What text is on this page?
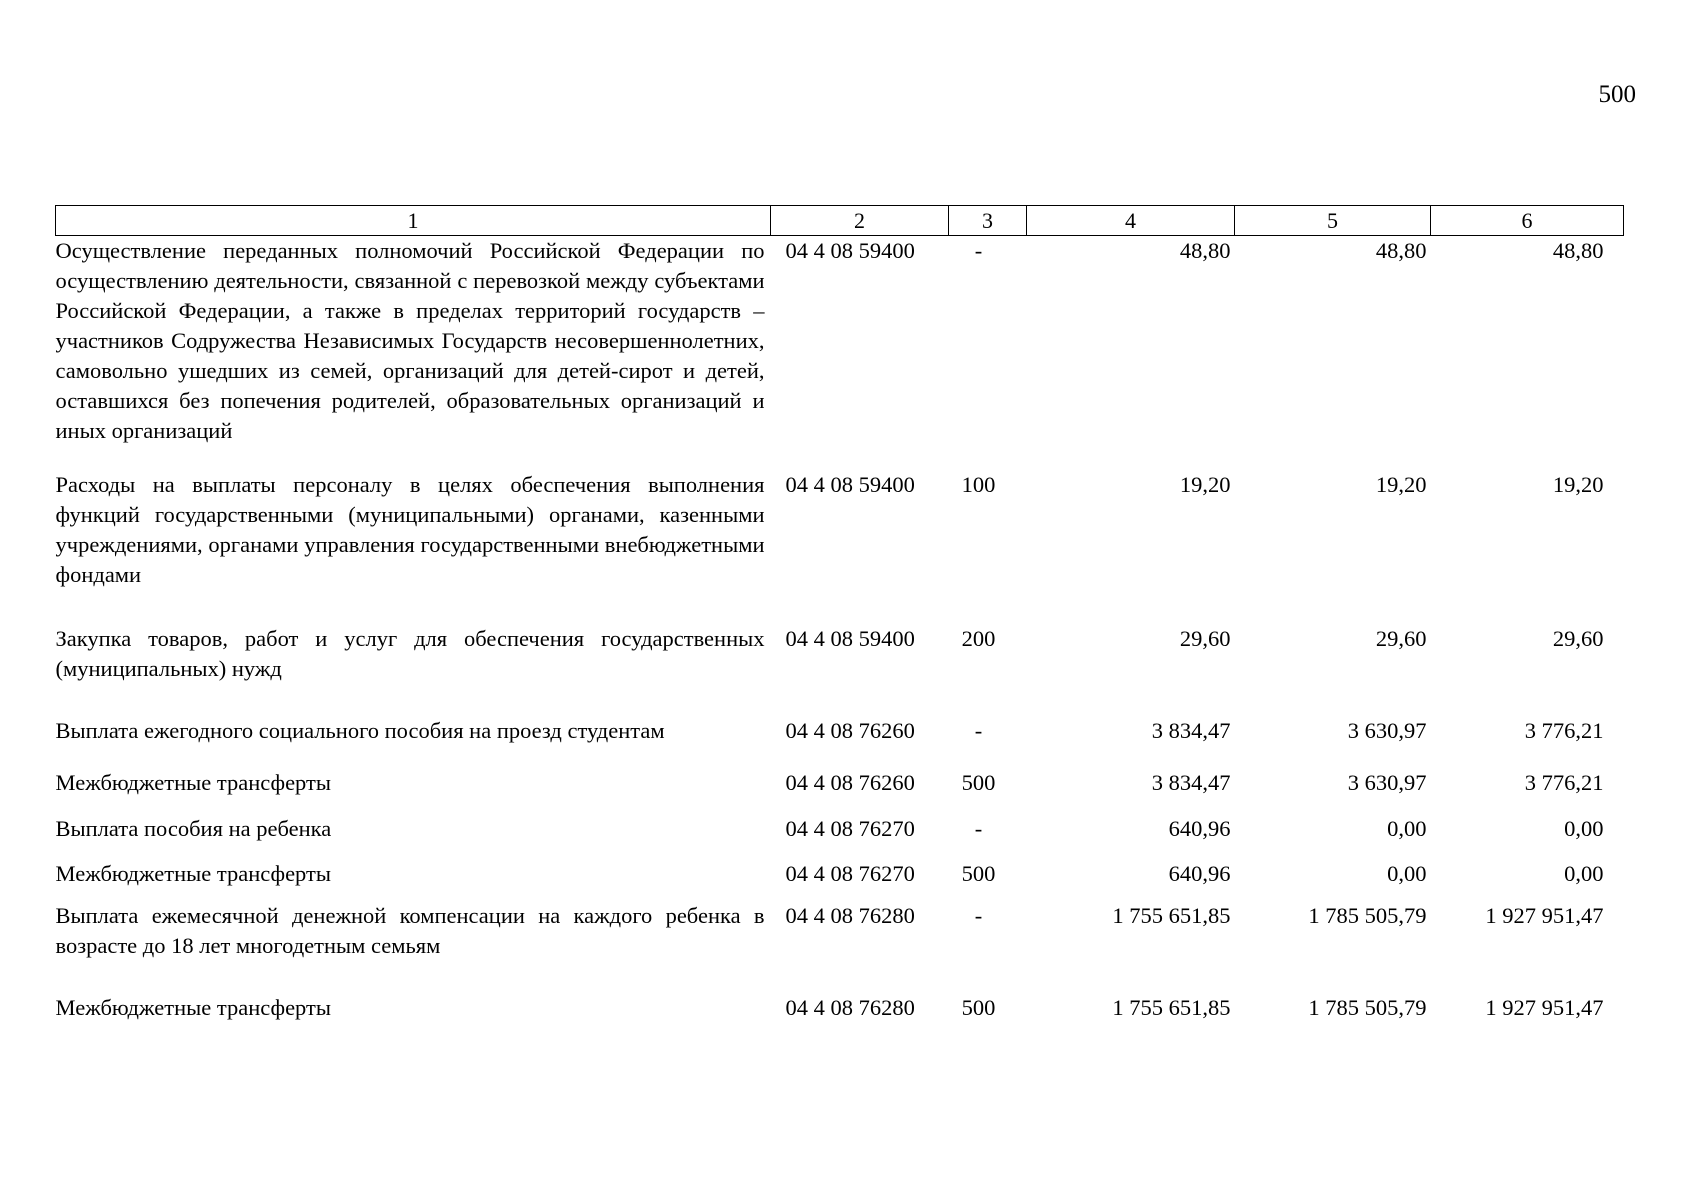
500
1	2	3	4	5	6
Осуществление переданных полномочий Российской Федерации по осуществлению деятельности, связанной с перевозкой между субъектами Российской Федерации, а также в пределах территорий государств – участников Содружества Независимых Государств несовершеннолетних, самовольно ушедших из семей, организаций для детей-сирот и детей, оставшихся без попечения родителей, образовательных организаций и иных организаций	04 4 08 59400	-	48,80	48,80	48,80
Расходы на выплаты персоналу в целях обеспечения выполнения функций государственными (муниципальными) органами, казенными учреждениями, органами управления государственными внебюджетными фондами	04 4 08 59400	100	19,20	19,20	19,20
Закупка товаров, работ и услуг для обеспечения государственных (муниципальных) нужд	04 4 08 59400	200	29,60	29,60	29,60
Выплата ежегодного социального пособия на проезд студентам	04 4 08 76260	-	3 834,47	3 630,97	3 776,21
Межбюджетные трансферты	04 4 08 76260	500	3 834,47	3 630,97	3 776,21
Выплата пособия на ребенка	04 4 08 76270	-	640,96	0,00	0,00
Межбюджетные трансферты	04 4 08 76270	500	640,96	0,00	0,00
Выплата ежемесячной денежной компенсации на каждого ребенка в возрасте до 18 лет многодетным семьям	04 4 08 76280	-	1 755 651,85	1 785 505,79	1 927 951,47
Межбюджетные трансферты	04 4 08 76280	500	1 755 651,85	1 785 505,79	1 927 951,47
